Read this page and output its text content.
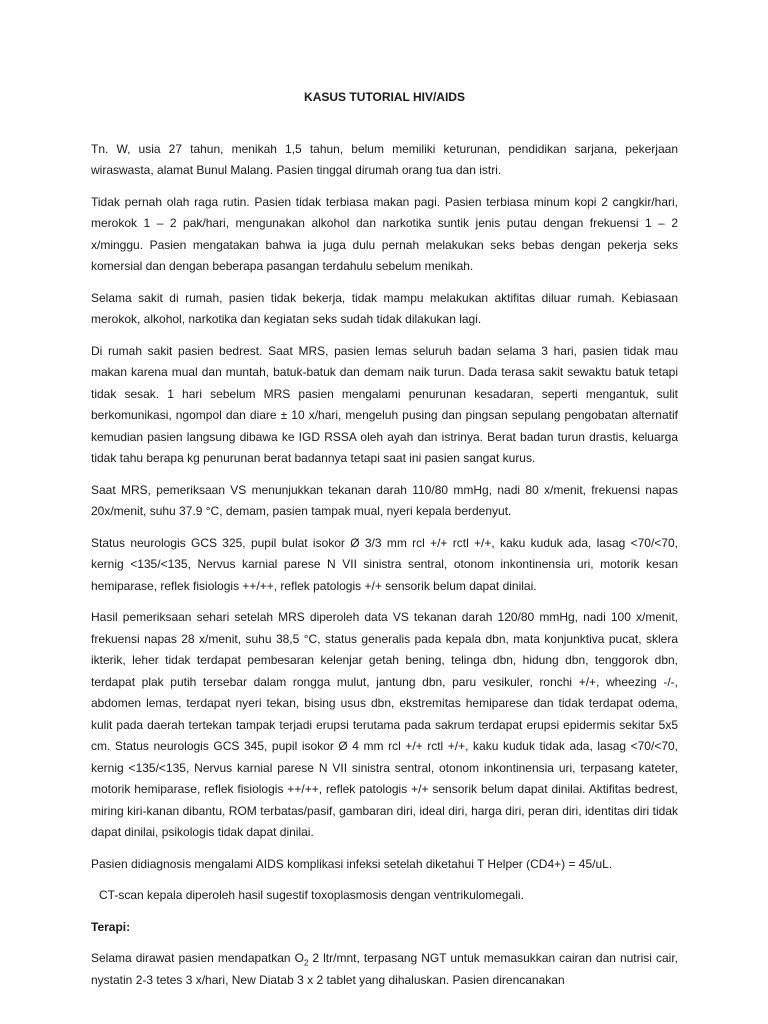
KASUS TUTORIAL HIV/AIDS

Tn. W, usia 27 tahun, menikah 1,5 tahun, belum memiliki keturunan, pendidikan sarjana, pekerjaan wiraswasta, alamat Bunul Malang. Pasien tinggal dirumah orang tua dan istri.

Tidak pernah olah raga rutin. Pasien tidak terbiasa makan pagi. Pasien terbiasa minum kopi 2 cangkir/hari, merokok 1 – 2 pak/hari, mengunakan alkohol dan narkotika suntik jenis putau dengan frekuensi 1 – 2 x/minggu. Pasien mengatakan bahwa ia juga dulu pernah melakukan seks bebas dengan pekerja seks komersial dan dengan beberapa pasangan terdahulu sebelum menikah.

Selama sakit di rumah, pasien tidak bekerja, tidak mampu melakukan aktifitas diluar rumah. Kebiasaan merokok, alkohol, narkotika dan kegiatan seks sudah tidak dilakukan lagi.

Di rumah sakit pasien bedrest. Saat MRS, pasien lemas seluruh badan selama 3 hari, pasien tidak mau makan karena mual dan muntah, batuk-batuk dan demam naik turun. Dada terasa sakit sewaktu batuk tetapi tidak sesak. 1 hari sebelum MRS pasien mengalami penurunan kesadaran, seperti mengantuk, sulit berkomunikasi, ngompol dan diare ± 10 x/hari, mengeluh pusing dan pingsan sepulang pengobatan alternatif kemudian pasien langsung dibawa ke IGD RSSA oleh ayah dan istrinya. Berat badan turun drastis, keluarga tidak tahu berapa kg penurunan berat badannya tetapi saat ini pasien sangat kurus.

Saat MRS, pemeriksaan VS menunjukkan tekanan darah 110/80 mmHg, nadi 80 x/menit, frekuensi napas 20x/menit, suhu 37.9 °C, demam, pasien tampak mual, nyeri kepala berdenyut.

Status neurologis GCS 325, pupil bulat isokor Ø 3/3 mm rcl +/+ rctl +/+, kaku kuduk ada, lasag <70/<70, kernig <135/<135, Nervus karnial parese N VII sinistra sentral, otonom inkontinensia uri, motorik kesan hemiparase, reflek fisiologis ++/++, reflek patologis +/+ sensorik belum dapat dinilai.

Hasil pemeriksaan sehari setelah MRS diperoleh data VS tekanan darah 120/80 mmHg, nadi 100 x/menit, frekuensi napas 28 x/menit, suhu 38,5 °C, status generalis pada kepala dbn, mata konjunktiva pucat, sklera ikterik, leher tidak terdapat pembesaran kelenjar getah bening, telinga dbn, hidung dbn, tenggorok dbn, terdapat plak putih tersebar dalam rongga mulut, jantung dbn, paru vesikuler, ronchi +/+, wheezing -/-, abdomen lemas, terdapat nyeri tekan, bising usus dbn, ekstremitas hemiparese dan tidak terdapat odema, kulit pada daerah tertekan tampak terjadi erupsi terutama pada sakrum terdapat erupsi epidermis sekitar 5x5 cm. Status neurologis GCS 345, pupil isokor Ø 4 mm rcl +/+ rctl +/+, kaku kuduk tidak ada, lasag <70/<70, kernig <135/<135, Nervus karnial parese N VII sinistra sentral, otonom inkontinensia uri, terpasang kateter, motorik hemiparase, reflek fisiologis ++/++, reflek patologis +/+ sensorik belum dapat dinilai. Aktifitas bedrest, miring kiri-kanan dibantu, ROM terbatas/pasif, gambaran diri, ideal diri, harga diri, peran diri, identitas diri tidak dapat dinilai, psikologis tidak dapat dinilai.

Pasien didiagnosis mengalami AIDS komplikasi infeksi setelah diketahui T Helper (CD4+) = 45/uL.

CT-scan kepala diperoleh hasil sugestif toxoplasmosis dengan ventrikulomegali.

Terapi:

Selama dirawat pasien mendapatkan $O_2$ 2 ltr/mnt, terpasang NGT untuk memasukkan cairan dan nutrisi cair, nystatin 2-3 tetes 3 x/hari, New Diatab 3 x 2 tablet yang dihaluskan. Pasien direncanakan
